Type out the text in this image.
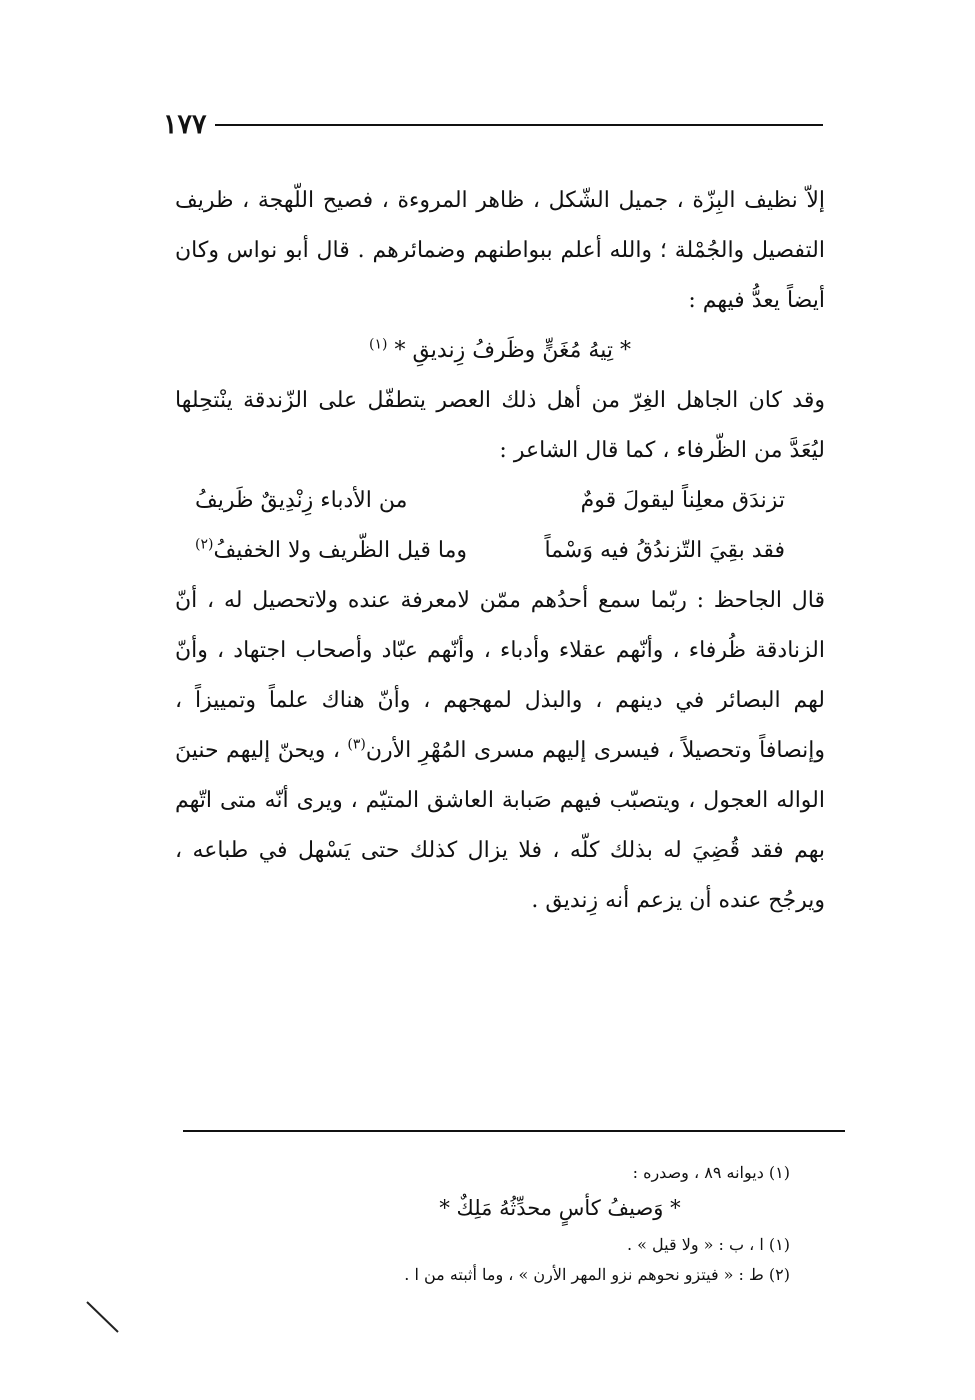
١٧٧

إلاّ نظيف البِزّة ، جميل الشّكل ، ظاهر المروءة ، فصيح اللّهجة ، ظريف التفصيل والجُمْلة ؛ والله أعلم ببواطنهم وضمائرهم . قال أبو نواس وكان أيضاً يعدُّ فيهم :

* تِيهُ مُغَنٍّ وظَرفُ زِنديقِ * $^{(١)}$

وقد كان الجاهل الغِرّ من أهل ذلك العصر يتطفّل على الزّندقة ينْتحِلها ليُعَدَّ من الظّرفاء ، كما قال الشاعر :

تزندَق معلِناً ليقولَ قومٌ
من الأدباء زِنْدِيقٌ ظَريفُ
فقد بقِيَ التّزندُقُ فيه وَسْماً
وما قيل الظّريف ولا الخفيفُ$^{(٢)}$

قال الجاحظ : ربّما سمع أحدُهم ممّن لامعرفة عنده ولاتحصيل له ، أنّ الزنادقة ظُرفاء ، وأنّهم عقلاء وأدباء ، وأنّهم عبّاد وأصحاب اجتهاد ، وأنّ لهم البصائر في دينهم ، والبذل لمهجهم ، وأنّ هناك علماً وتمييزاً ، وإنصافاً وتحصيلاً ، فيسرى إليهم مسرى المُهْرِ الأرن$^{(٣)}$ ، ويحنّ إليهم حنينَ الواله العجول ، ويتصبّب فيهم صَبابة العاشق المتيّم ، ويرى أنّه متى اتّهم بهم فقد قُضِيَ له بذلك كلّه ، فلا يزال كذلك حتى يَسْهل في طباعه ، ويرجُح عنده أن يزعم أنه زِنديق .

(١) ديوانه ٨٩ ، وصدره :

* وَصيفُ كأسٍ محدِّثُهُ مَلِكٌ *

(١) ا ، ب : « ولا قيل » .

(٢) ط : « فيتزو نحوهم نزو المهر الأرن » ، وما أثبته من ا .
